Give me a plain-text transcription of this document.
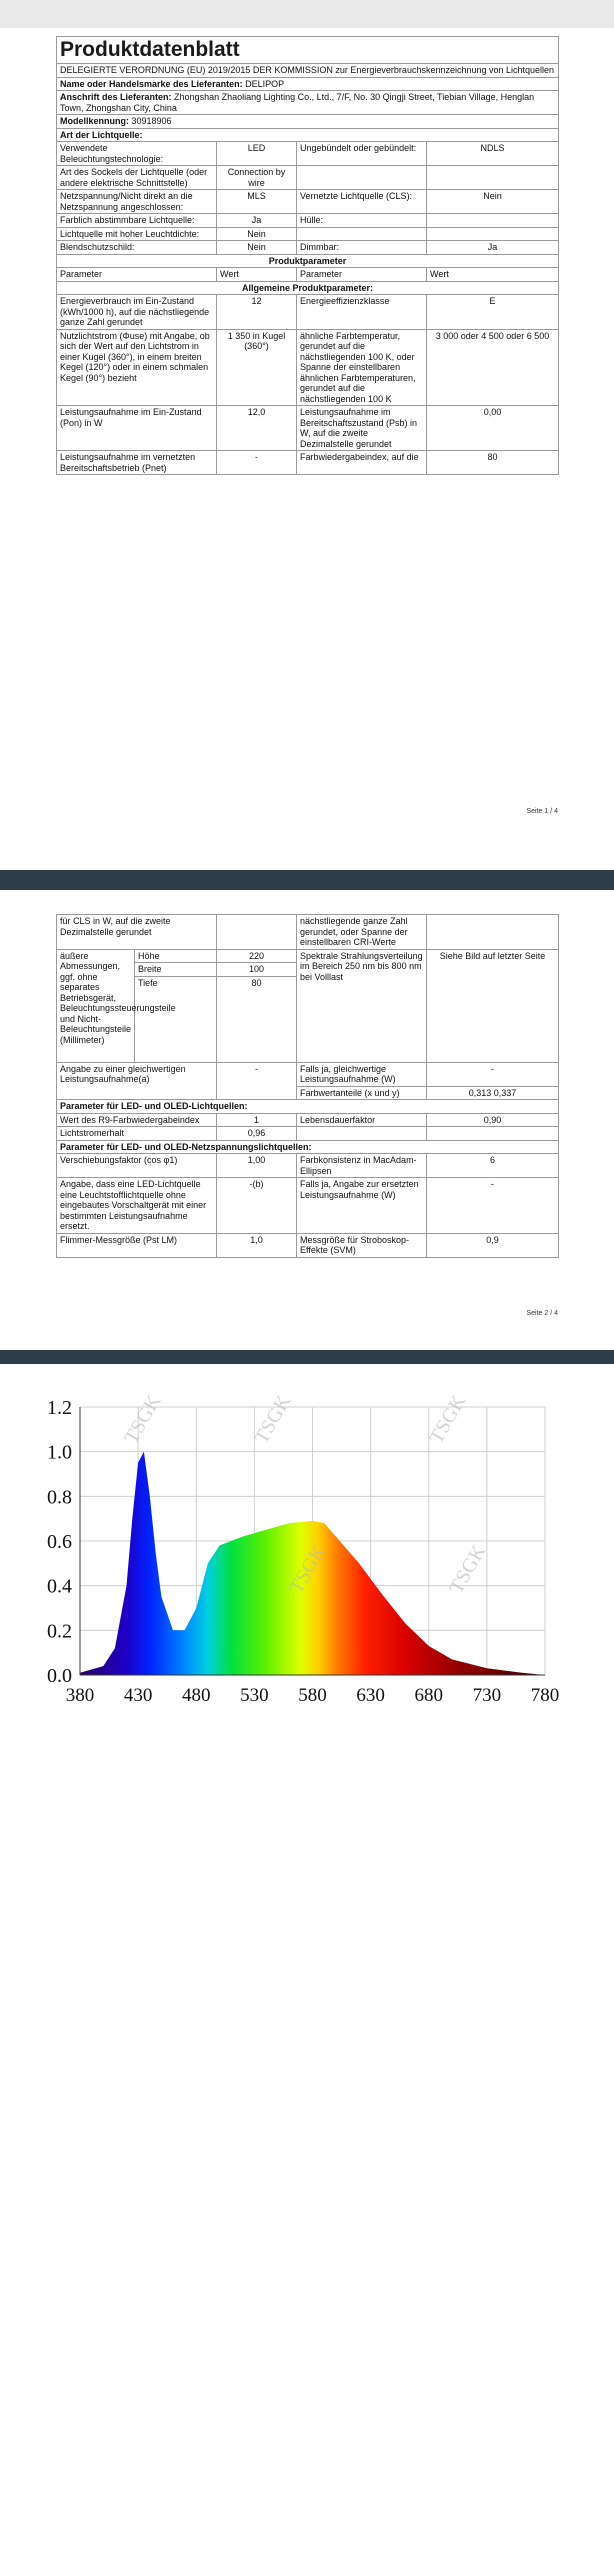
Produktdatenblatt			
DELEGIERTE VERORDNUNG (EU) 2019/2015 DER KOMMISSION zur Energieverbrauchskennzeichnung von Lichtquellen			
Name oder Handelsmarke des Lieferanten: DELIPOP			
Anschrift des Lieferanten: Zhongshan Zhaoliang Lighting Co., Ltd., 7/F, No. 30 Qingji Street, Tiebian Village, Henglan Town, Zhongshan City, China			
Modellkennung: 30918906			
Art der Lichtquelle:			
Verwendete Beleuchtungstechnologie:	LED	Ungebündelt oder gebündelt:	NDLS
Art des Sockels der Lichtquelle (oder andere elektrische Schnittstelle)	Connection by wire		
Netzspannung/Nicht direkt an die Netzspannung angeschlossen:	MLS	Vernetzte Lichtquelle (CLS):	Nein
Farblich abstimmbare Lichtquelle:	Ja	Hülle:	
Lichtquelle mit hoher Leuchtdichte:	Nein		
Blendschutzschild:	Nein	Dimmbar:	Ja
Produktparameter			
Parameter	Wert	Parameter	Wert
Allgemeine Produktparameter:			
Energieverbrauch im Ein-Zustand (kWh/1000 h), auf die nächstliegende ganze Zahl gerundet	12	Energieeffizienzklasse	E
Nutzlichtstrom (Φuse) mit Angabe, ob sich der Wert auf den Lichtstrom in einer Kugel (360°), in einem breiten Kegel (120°) oder in einem schmalen Kegel (90°) bezieht	1 350 in Kugel (360°)	ähnliche Farbtemperatur, gerundet auf die nächstliegenden 100 K, oder Spanne der einstellbaren ähnlichen Farbtemperaturen, gerundet auf die nächstliegenden 100 K	3 000 oder 4 500 oder 6 500
Leistungsaufnahme im Ein-Zustand (Pon) in W	12,0	Leistungsaufnahme im Bereitschaftszustand (Psb) in W, auf die zweite Dezimalstelle gerundet	0,00
Leistungsaufnahme im vernetzten Bereitschaftsbetrieb (Pnet)	-	Farbwiedergabeindex, auf die	80
Seite 1 / 4
für CLS in W, auf die zweite Dezimalstelle gerundet			nächstliegende ganze Zahl gerundet, oder Spanne der einstellbaren CRI-Werte	
äußere Abmessungen, ggf. ohne separates Betriebsgerät, Beleuchtungssteuerungsteile und Nicht-Beleuchtungsteile (Millimeter)	Höhe	220	Spektrale Strahlungsverteilung im Bereich 250 nm bis 800 nm bei Volllast	Siehe Bild auf letzter Seite
	Breite	100		
	Tiefe	80		
Angabe zu einer gleichwertigen Leistungsaufnahme(a)		-	Falls ja, gleichwertige Leistungsaufnahme (W)	-
			Farbwertanteile (x und y)	0,313 0,337
Parameter für LED- und OLED-Lichtquellen:				
Wert des R9-Farbwiedergabeindex		1	Lebensdauerfaktor	0,90
Lichtstromerhalt		0,96		
Parameter für LED- und OLED-Netzspannungslichtquellen:				
Verschiebungsfaktor (cos φ1)		1,00	Farbkonsistenz in MacAdam-Ellipsen	6
Angabe, dass eine LED-Lichtquelle eine Leuchtstofflichtquelle ohne eingebautes Vorschaltgerät mit einer bestimmten Leistungsaufnahme ersetzt.		-(b)	Falls ja, Angabe zur ersetzten Leistungsaufnahme (W)	-
Flimmer-Messgröße (Pst LM)		1,0	Messgröße für Stroboskop-Effekte (SVM)	0,9
Seite 2 / 4
0.0
0.2
0.4
0.6
0.8
1.0
1.2
380 430 480 530 580 630 680 730 780
TSGK	TSGK	TSGK
TSGK	TSGK
